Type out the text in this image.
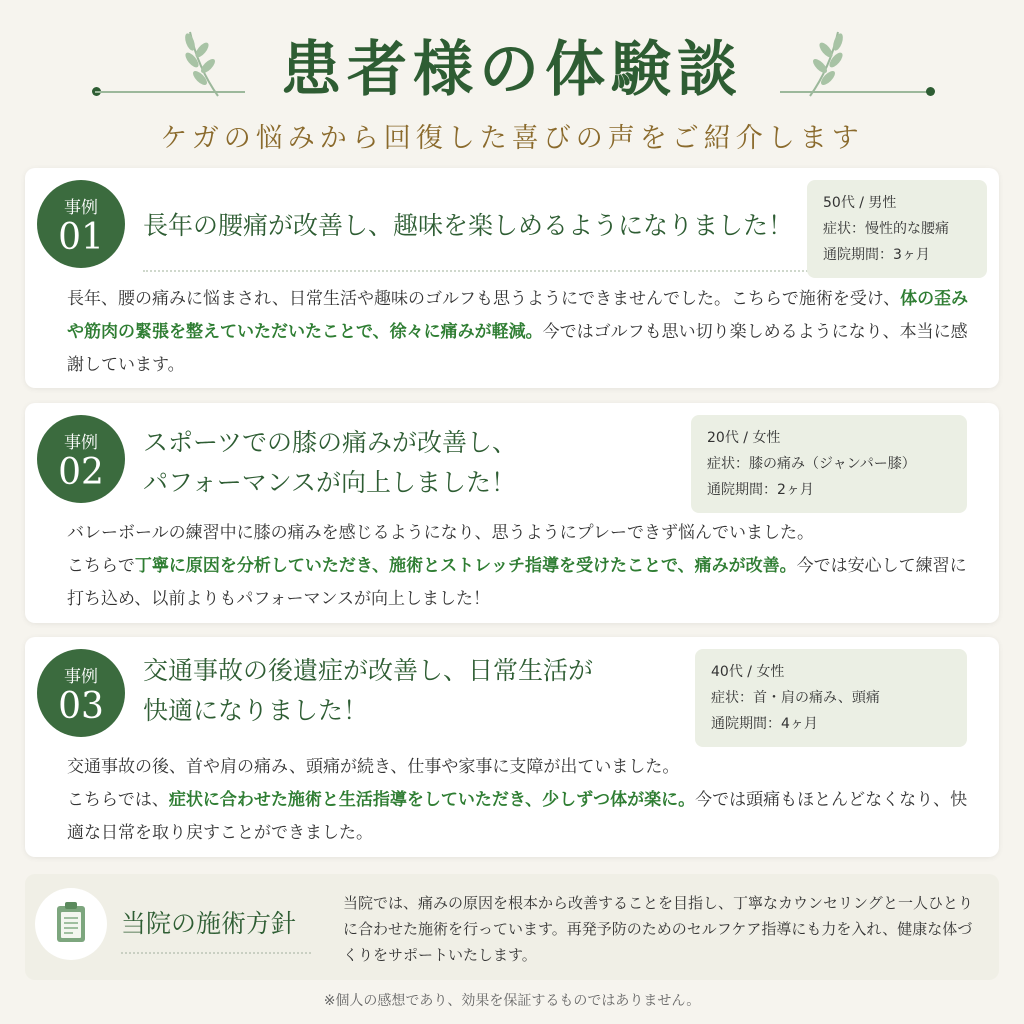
患者様の体験談
ケガの悩みから回復した喜びの声をご紹介します
事例
01	長年の腰痛が改善し、趣味を楽しめるようになりました！
50代 / 男性
症状：慢性的な腰痛
通院期間：3ヶ月
長年、腰の痛みに悩まされ、日常生活や趣味のゴルフも思うようにできませんでした。こちらで施術を受け、体の歪みや筋肉の緊張を整えていただいたことで、徐々に痛みが軽減。今ではゴルフも思い切り楽しめるようになり、本当に感謝しています。
事例
02
スポーツでの膝の痛みが改善し、
パフォーマンスが向上しました！
20代 / 女性
症状：膝の痛み（ジャンパー膝）
通院期間：2ヶ月
バレーボールの練習中に膝の痛みを感じるようになり、思うようにプレーできず悩んでいました。
こちらで丁寧に原因を分析していただき、施術とストレッチ指導を受けたことで、痛みが改善。今では安心して練習に打ち込め、以前よりもパフォーマンスが向上しました！
事例
03
交通事故の後遺症が改善し、日常生活が
快適になりました！
40代 / 女性
症状：首・肩の痛み、頭痛
通院期間：4ヶ月
交通事故の後、首や肩の痛み、頭痛が続き、仕事や家事に支障が出ていました。
こちらでは、症状に合わせた施術と生活指導をしていただき、少しずつ体が楽に。今では頭痛もほとんどなくなり、快適な日常を取り戻すことができました。
当院の施術方針
当院では、痛みの原因を根本から改善することを目指し、丁寧なカウンセリングと一人ひとりに合わせた施術を行っています。再発予防のためのセルフケア指導にも力を入れ、健康な体づくりをサポートいたします。
※個人の感想であり、効果を保証するものではありません。
